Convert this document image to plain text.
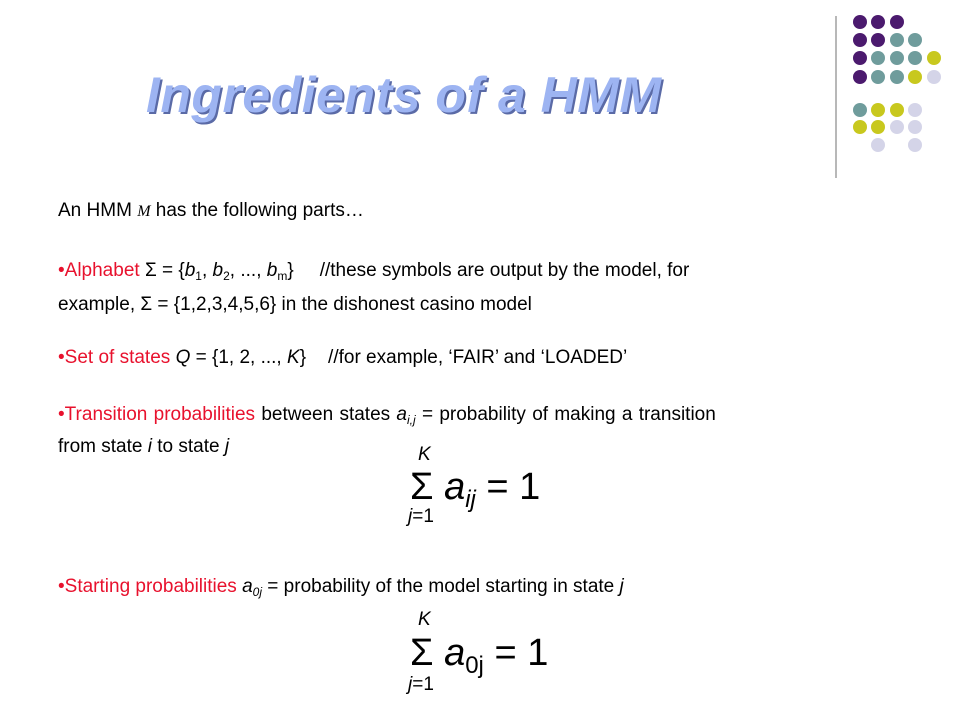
Ingredients of a HMM
An HMM M has the following parts…
•Alphabet $\Sigma = \{b_1$, $b_2$, ..., $b_m$} //these symbols are output by the model, for
example, Σ = {1,2,3,4,5,6} in the dishonest casino model
•Set of states Q = {1, 2, ..., K} //for example, ‘FAIR’ and ‘LOADED’
•Transition probabilities between states $a_{i,j}$ = probability of making a transition
from state i to state j	K
Σ $a_{ij} = 1$
j=1
•Starting probabilities $a_{0j}$ = probability of the model starting in state j
K
Σ $a_{0j} = 1$
j=1
